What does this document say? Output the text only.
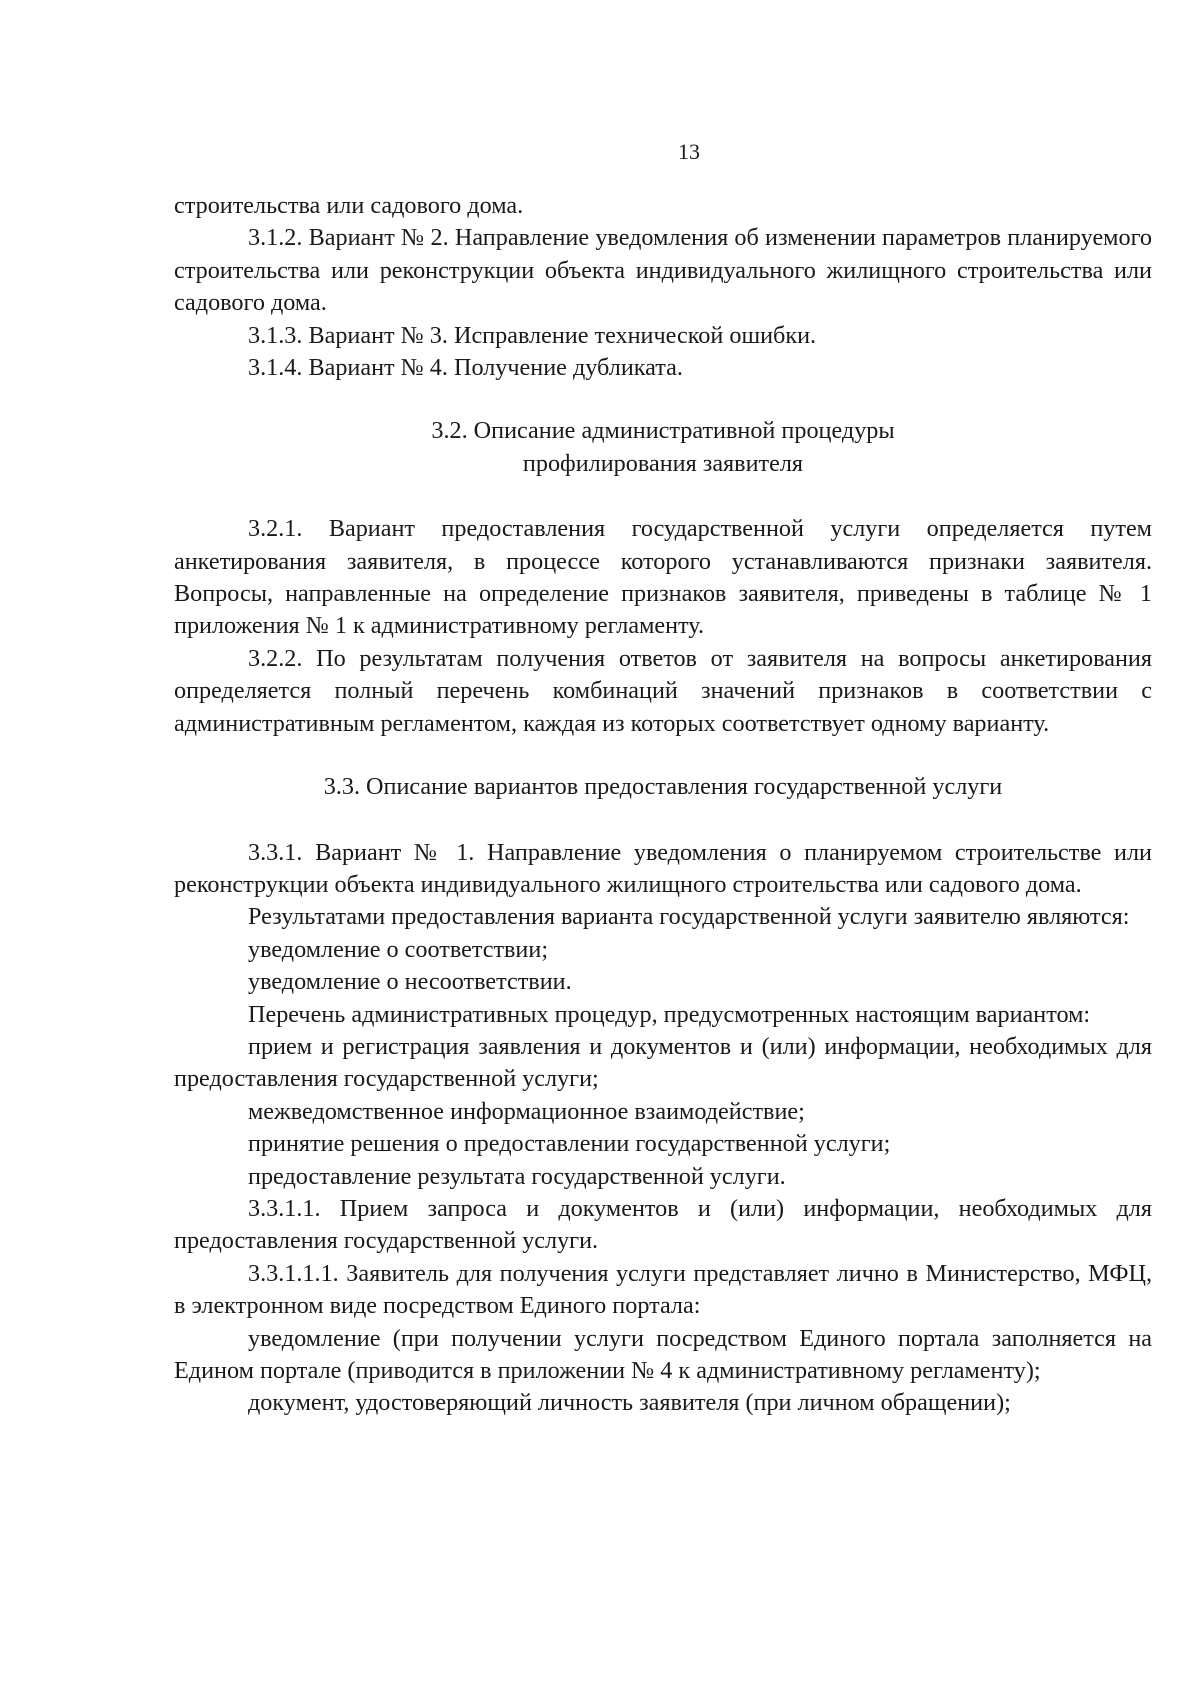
13

строительства или садового дома.

3.1.2. Вариант № 2. Направление уведомления об изменении параметров планируемого строительства или реконструкции объекта индивидуального жилищного строительства или садового дома.

3.1.3. Вариант № 3. Исправление технической ошибки.

3.1.4. Вариант № 4. Получение дубликата.

3.2. Описание административной процедуры
профилирования заявителя

3.2.1. Вариант предоставления государственной услуги определяется путем анкетирования заявителя, в процессе которого устанавливаются признаки заявителя. Вопросы, направленные на определение признаков заявителя, приведены в таблице № 1 приложения № 1 к административному регламенту.

3.2.2. По результатам получения ответов от заявителя на вопросы анкетирования определяется полный перечень комбинаций значений признаков в соответствии с административным регламентом, каждая из которых соответствует одному варианту.

3.3. Описание вариантов предоставления государственной услуги

3.3.1. Вариант № 1. Направление уведомления о планируемом строительстве или реконструкции объекта индивидуального жилищного строительства или садового дома.

Результатами предоставления варианта государственной услуги заявителю являются:

уведомление о соответствии;

уведомление о несоответствии.

Перечень административных процедур, предусмотренных настоящим вариантом:

прием и регистрация заявления и документов и (или) информации, необходимых для предоставления государственной услуги;

межведомственное информационное взаимодействие;

принятие решения о предоставлении государственной услуги;

предоставление результата государственной услуги.

3.3.1.1. Прием запроса и документов и (или) информации, необходимых для предоставления государственной услуги.

3.3.1.1.1. Заявитель для получения услуги представляет лично в Министерство, МФЦ, в электронном виде посредством Единого портала:

уведомление (при получении услуги посредством Единого портала заполняется на Едином портале (приводится в приложении № 4 к административному регламенту);

документ, удостоверяющий личность заявителя (при личном обращении);
